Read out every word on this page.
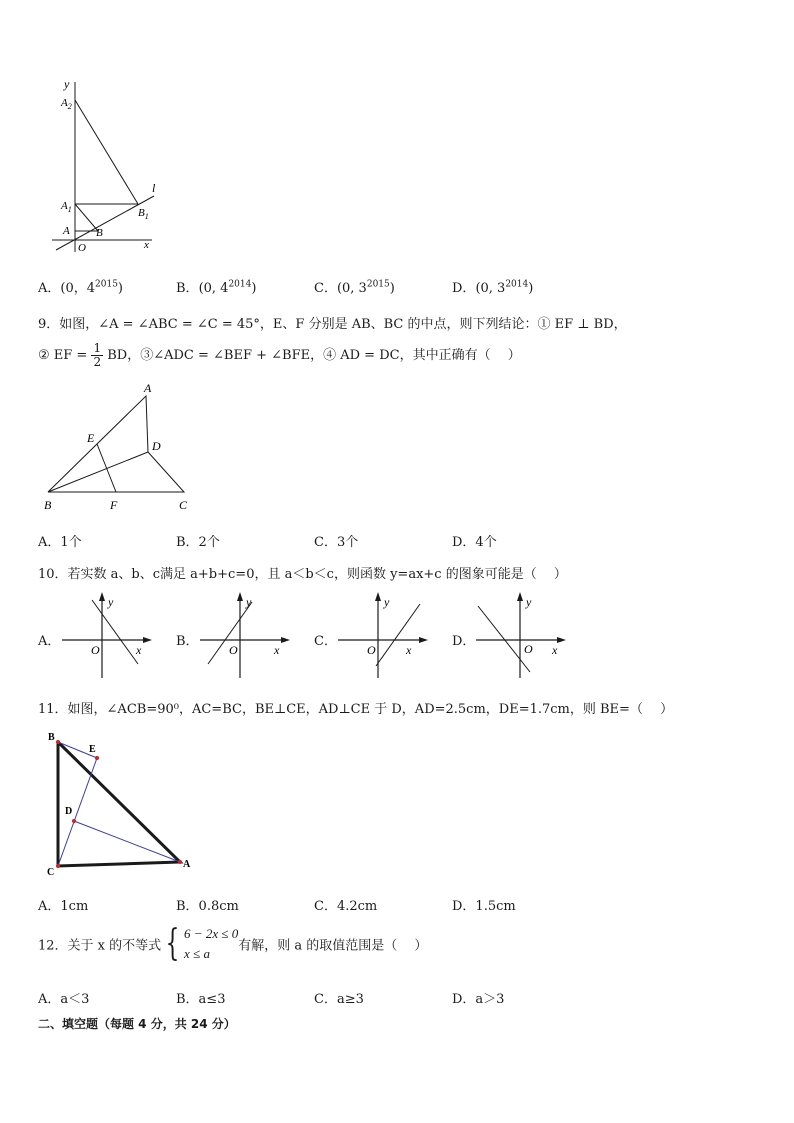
y
$A_2$
$A_1$	$B_1$
A B
O	x
l
A．(0，$4^{2015}$)	B．(0, $4^{2014}$)	C．(0, $3^{2015}$)	D．(0, $3^{2014}$)
9．如图，∠A = ∠ABC = ∠C = 45°，E、F 分别是 AB、BC 的中点，则下列结论：① EF ⊥ BD，
② EF = $\frac{1}{2}$ BD，③∠ADC = ∠BEF + ∠BFE，④ AD = DC，其中正确有（　 ）
A
E
D
B	F	C
A．1个	B．2个	C．3个	D．4个
10．若实数 a、b、c满足 a+b+c=0，且 a＜b＜c，则函数 y=ax+c 的图象可能是（　 ）
A．
y
O	x
B．
y
O	x
C．
y
O	x
D．
y
O x
11．如图，∠ACB=90⁰，AC=BC，BE⊥CE，AD⊥CE 于 D，AD=2.5cm，DE=1.7cm，则 BE=（　 ）
B
E
D
C
A
A．1cm	B．0.8cm	C．4.2cm	D．1.5cm
12．关于 x 的不等式 { 6 − 2x ≤ 0
x ≤ a	有解，则 a 的取值范围是（　 ）
A．a＜3	B．a≤3	C．a≥3	D．a＞3
二、填空题（每题 4 分，共 24 分）
